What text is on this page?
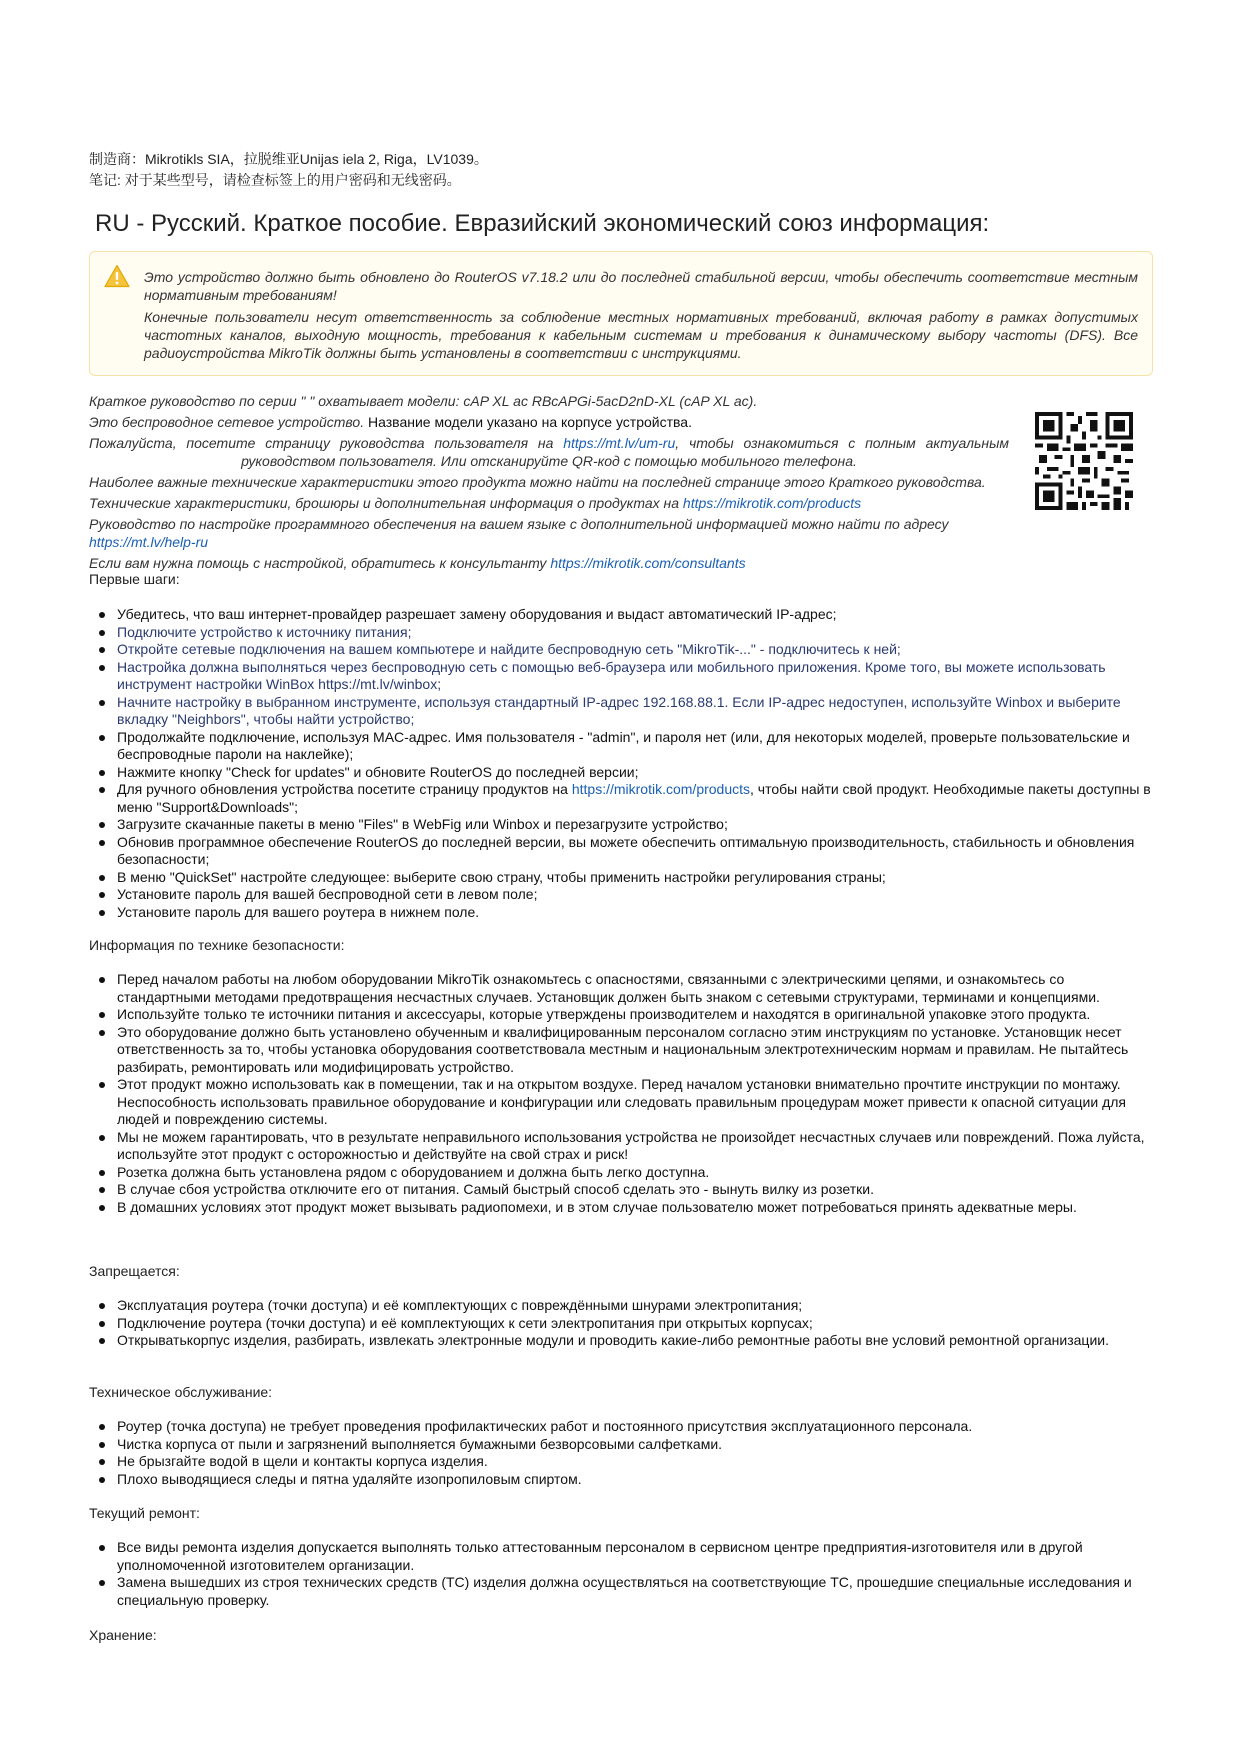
制造商：Mikrotikls SIA，拉脱维亚Unijas iela 2, Riga，LV1039。
笔记: 对于某些型号，请检查标签上的用户密码和无线密码。
RU - Русский. Краткое пособие. Евразийский экономический союз информация:

Это устройство должно быть обновлено до RouterOS v7.18.2 или до последней стабильной версии, чтобы обеспечить соответствие местным нормативным требованиям!

Конечные пользователи несут ответственность за соблюдение местных нормативных требований, включая работу в рамках допустимых частотных каналов, выходную мощность, требования к кабельным системам и требования к динамическому выбору частоты (DFS). Все радиоустройства MikroTik должны быть установлены в соответствии с инструкциями.

Краткое руководство по серии " " охватывает модели: cAP XL ac RBcAPGi-5acD2nD-XL (cAP XL ac).

Это беспроводное сетевое устройство. Название модели указано на корпусе устройства.

Пожалуйста, посетите страницу руководства пользователя на https://mt.lv/um-ru, чтобы ознакомиться с полным актуальным

руководством пользователя. Или отсканируйте QR-код с помощью мобильного телефона.

Наиболее важные технические характеристики этого продукта можно найти на последней странице этого Краткого руководства.

Технические характеристики, брошюры и дополнительная информация о продуктах на https://mikrotik.com/products

Руководство по настройке программного обеспечения на вашем языке с дополнительной информацией можно найти по адресу https://mt.lv/help-ru

Если вам нужна помощь с настройкой, обратитесь к консультанту https://mikrotik.com/consultants

Первые шаги:
Убедитесь, что ваш интернет-провайдер разрешает замену оборудования и выдаст автоматический IP-адрес;
Подключите устройство к источнику питания;
Откройте сетевые подключения на вашем компьютере и найдите беспроводную сеть "MikroTik-..." - подключитесь к ней;
Настройка должна выполняться через беспроводную сеть с помощью веб-браузера или мобильного приложения. Кроме того, вы можете использовать инструмент настройки WinBox https://mt.lv/winbox;
Начните настройку в выбранном инструменте, используя стандартный IP-адрес 192.168.88.1. Если IP-адрес недоступен, используйте Winbox и выберите вкладку "Neighbors", чтобы найти устройство;
Продолжайте подключение, используя MAC-адрес. Имя пользователя - "admin", и пароля нет (или, для некоторых моделей, проверьте пользовательские и беспроводные пароли на наклейке);
Нажмите кнопку "Check for updates" и обновите RouterOS до последней версии;
Для ручного обновления устройства посетите страницу продуктов на https://mikrotik.com/products, чтобы найти свой продукт. Необходимые пакеты доступны в меню "Support&Downloads";
Загрузите скачанные пакеты в меню "Files" в WebFig или Winbox и перезагрузите устройство;
Обновив программное обеспечение RouterOS до последней версии, вы можете обеспечить оптимальную производительность, стабильность и обновления безопасности;
В меню "QuickSet" настройте следующее: выберите свою страну, чтобы применить настройки регулирования страны;
Установите пароль для вашей беспроводной сети в левом поле;
Установите пароль для вашего роутера в нижнем поле.
Информация по технике безопасности:
Перед началом работы на любом оборудовании MikroTik ознакомьтесь с опасностями, связанными с электрическими цепями, и ознакомьтесь со стандартными методами предотвращения несчастных случаев. Установщик должен быть знаком с сетевыми структурами, терминами и концепциями.
Используйте только те источники питания и аксессуары, которые утверждены производителем и находятся в оригинальной упаковке этого продукта.
Это оборудование должно быть установлено обученным и квалифицированным персоналом согласно этим инструкциям по установке. Установщик несет ответственность за то, чтобы установка оборудования соответствовала местным и национальным электротехническим нормам и правилам. Не пытайтесь разбирать, ремонтировать или модифицировать устройство.
Этот продукт можно использовать как в помещении, так и на открытом воздухе. Перед началом установки внимательно прочтите инструкции по монтажу. Неспособность использовать правильное оборудование и конфигурации или следовать правильным процедурам может привести к опасной ситуации для людей и повреждению системы.
Мы не можем гарантировать, что в результате неправильного использования устройства не произойдет несчастных случаев или повреждений. Пожа луйста, используйте этот продукт с осторожностью и действуйте на свой страх и риск!
Розетка должна быть установлена рядом с оборудованием и должна быть легко доступна.
В случае сбоя устройства отключите его от питания. Самый быстрый способ сделать это - вынуть вилку из розетки.
В домашних условиях этот продукт может вызывать радиопомехи, и в этом случае пользователю может потребоваться принять адекватные меры.
Запрещается:
Эксплуатация роутера (точки доступа) и её комплектующих с повреждёнными шнурами электропитания;
Подключение роутера (точки доступа) и её комплектующих к сети электропитания при открытых корпусах;
Открыватькорпус изделия, разбирать, извлекать электронные модули и проводить какие-либо ремонтные работы вне условий ремонтной организации.
Техническое обслуживание:
Роутер (точка доступа) не требует проведения профилактических работ и постоянного присутствия эксплуатационного персонала.
Чистка корпуса от пыли и загрязнений выполняется бумажными безворсовыми салфетками.
Не брызгайте водой в щели и контакты корпуса изделия.
Плохо выводящиеся следы и пятна удаляйте изопропиловым спиртом.
Текущий ремонт:
Все виды ремонта изделия допускается выполнять только аттестованным персоналом в сервисном центре предприятия-изготовителя или в другой уполномоченной изготовителем организации.
Замена вышедших из строя технических средств (ТС) изделия должна осуществляться на соответствующие ТС, прошедшие специальные исследования и специальную проверку.
Хранение:
